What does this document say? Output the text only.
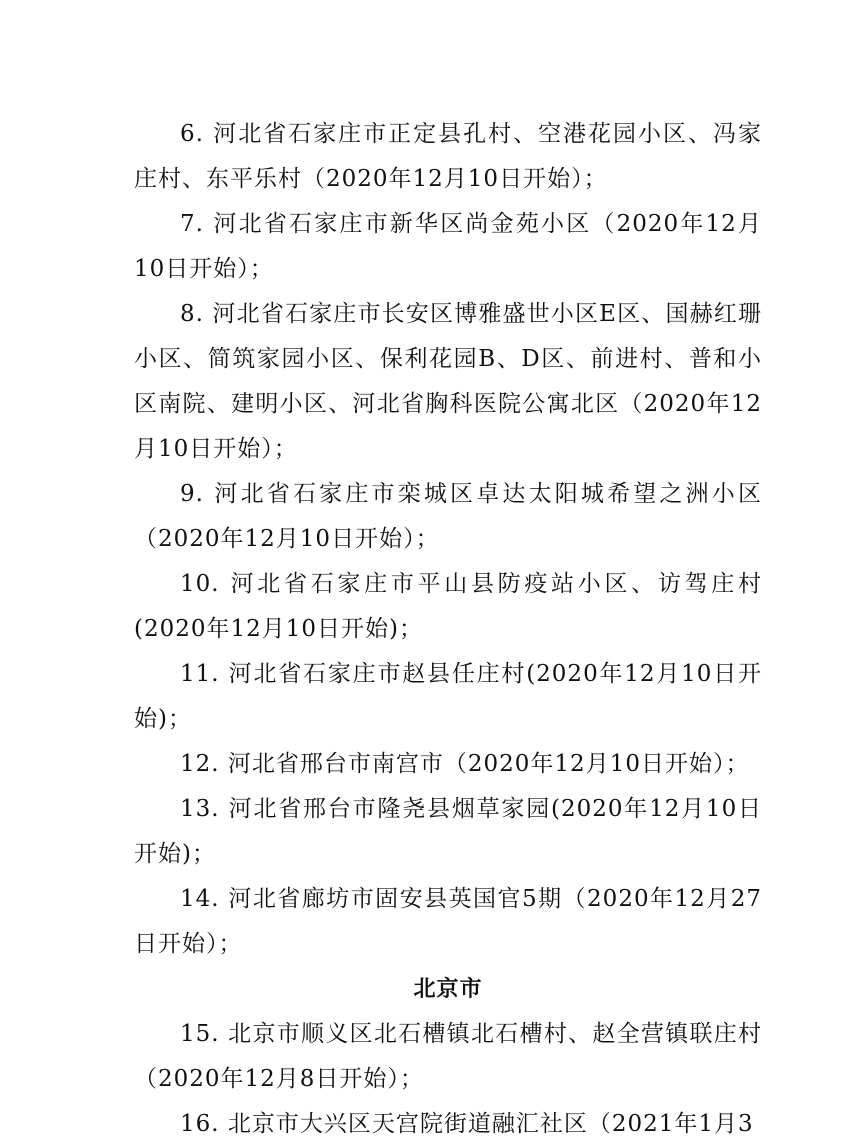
6. 河北省石家庄市正定县孔村、空港花园小区、冯家庄村、东平乐村（2020年12月10日开始）；

7. 河北省石家庄市新华区尚金苑小区（2020年12月10日开始）；

8. 河北省石家庄市长安区博雅盛世小区E区、国赫红珊小区、简筑家园小区、保利花园B、D区、前进村、普和小区南院、建明小区、河北省胸科医院公寓北区（2020年12月10日开始）；

9. 河北省石家庄市栾城区卓达太阳城希望之洲小区（2020年12月10日开始）；

10. 河北省石家庄市平山县防疫站小区、访驾庄村(2020年12月10日开始)；

11. 河北省石家庄市赵县任庄村(2020年12月10日开始)；

12. 河北省邢台市南宫市（2020年12月10日开始）；

13. 河北省邢台市隆尧县烟草家园(2020年12月10日开始)；

14. 河北省廊坊市固安县英国官5期（2020年12月27日开始）；

北京市

15. 北京市顺义区北石槽镇北石槽村、赵全营镇联庄村（2020年12月8日开始）；

16. 北京市大兴区天宫院街道融汇社区（2021年1月3
